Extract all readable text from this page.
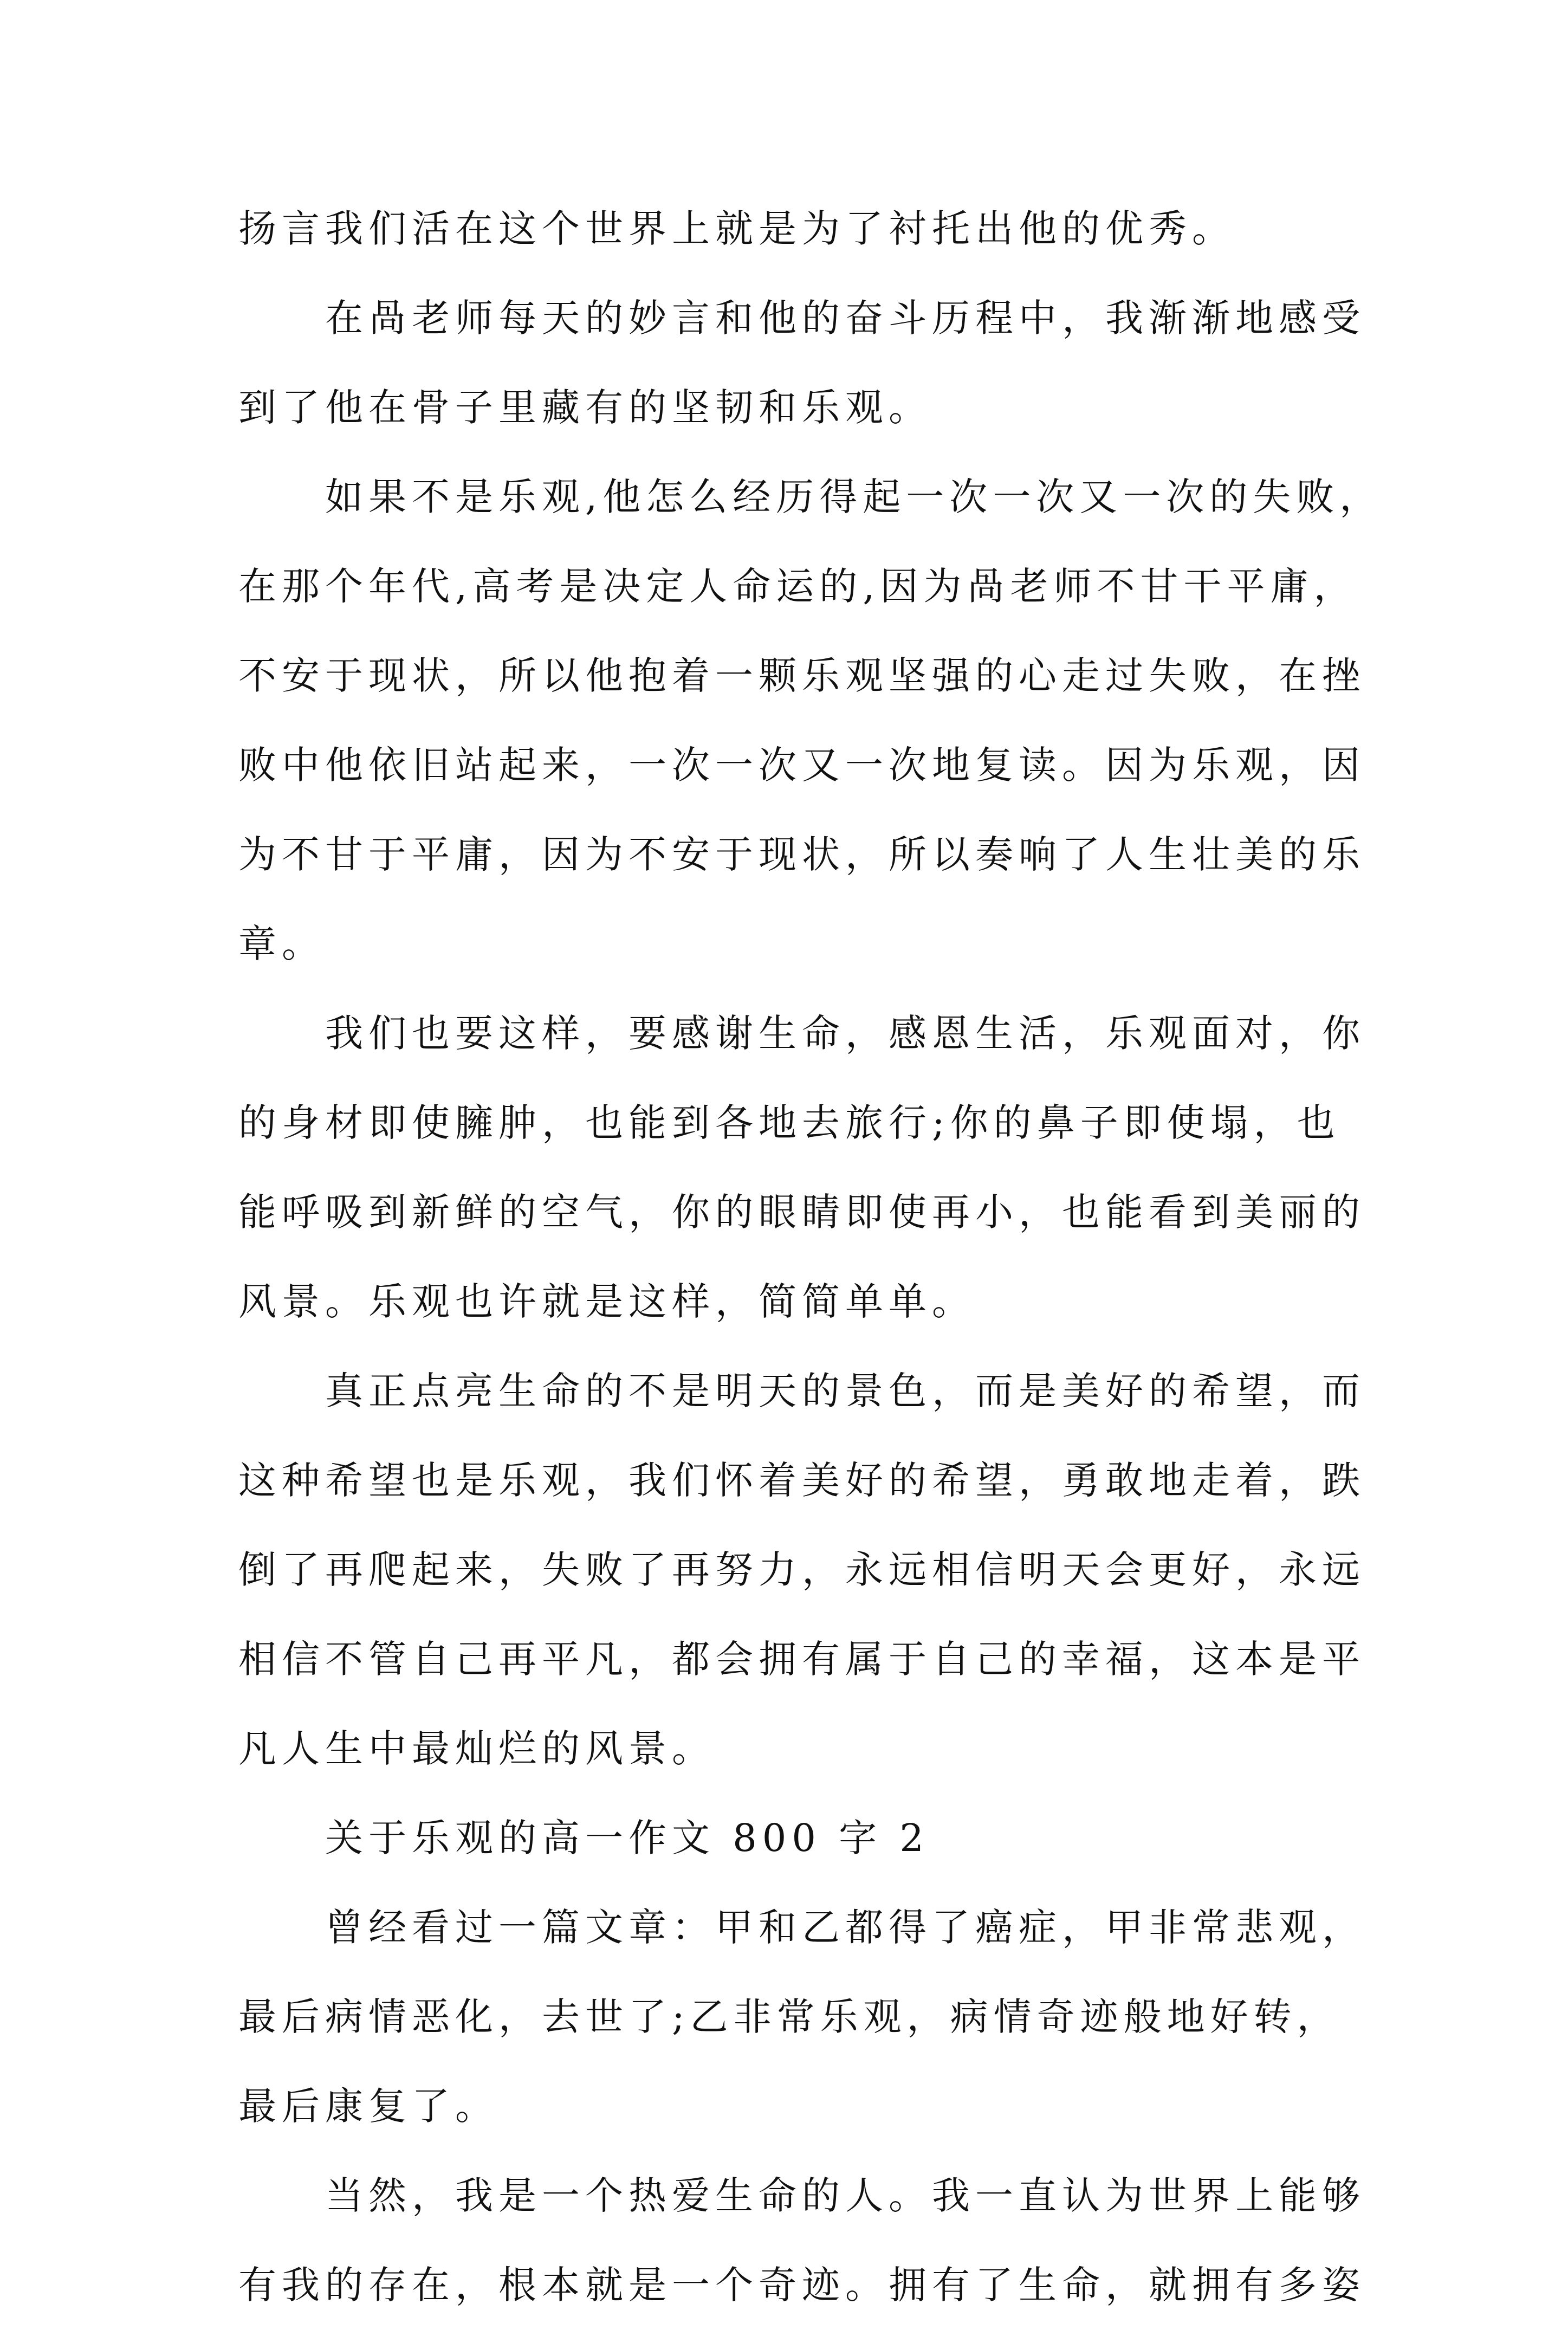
扬言我们活在这个世界上就是为了衬托出他的优秀。
在咼老师每天的妙言和他的奋斗历程中，我渐渐地感受
到了他在骨子里藏有的坚韧和乐观。
如果不是乐观,他怎么经历得起一次一次又一次的失败，
在那个年代,高考是决定人命运的,因为咼老师不甘干平庸，
不安于现状，所以他抱着一颗乐观坚强的心走过失败，在挫
败中他依旧站起来，一次一次又一次地复读。因为乐观，因
为不甘于平庸，因为不安于现状，所以奏响了人生壮美的乐
章。
我们也要这样，要感谢生命，感恩生活，乐观面对，你
的身材即使臃肿，也能到各地去旅行;你的鼻子即使塌，也
能呼吸到新鲜的空气，你的眼睛即使再小，也能看到美丽的
风景。乐观也许就是这样，简简单单。
真正点亮生命的不是明天的景色，而是美好的希望，而
这种希望也是乐观，我们怀着美好的希望，勇敢地走着，跌
倒了再爬起来，失败了再努力，永远相信明天会更好，永远
相信不管自己再平凡，都会拥有属于自己的幸福，这本是平
凡人生中最灿烂的风景。
关于乐观的高一作文 800 字 2
曾经看过一篇文章：甲和乙都得了癌症，甲非常悲观，
最后病情恶化，去世了;乙非常乐观，病情奇迹般地好转，
最后康复了。
当然，我是一个热爱生命的人。我一直认为世界上能够
有我的存在，根本就是一个奇迹。拥有了生命，就拥有多姿
